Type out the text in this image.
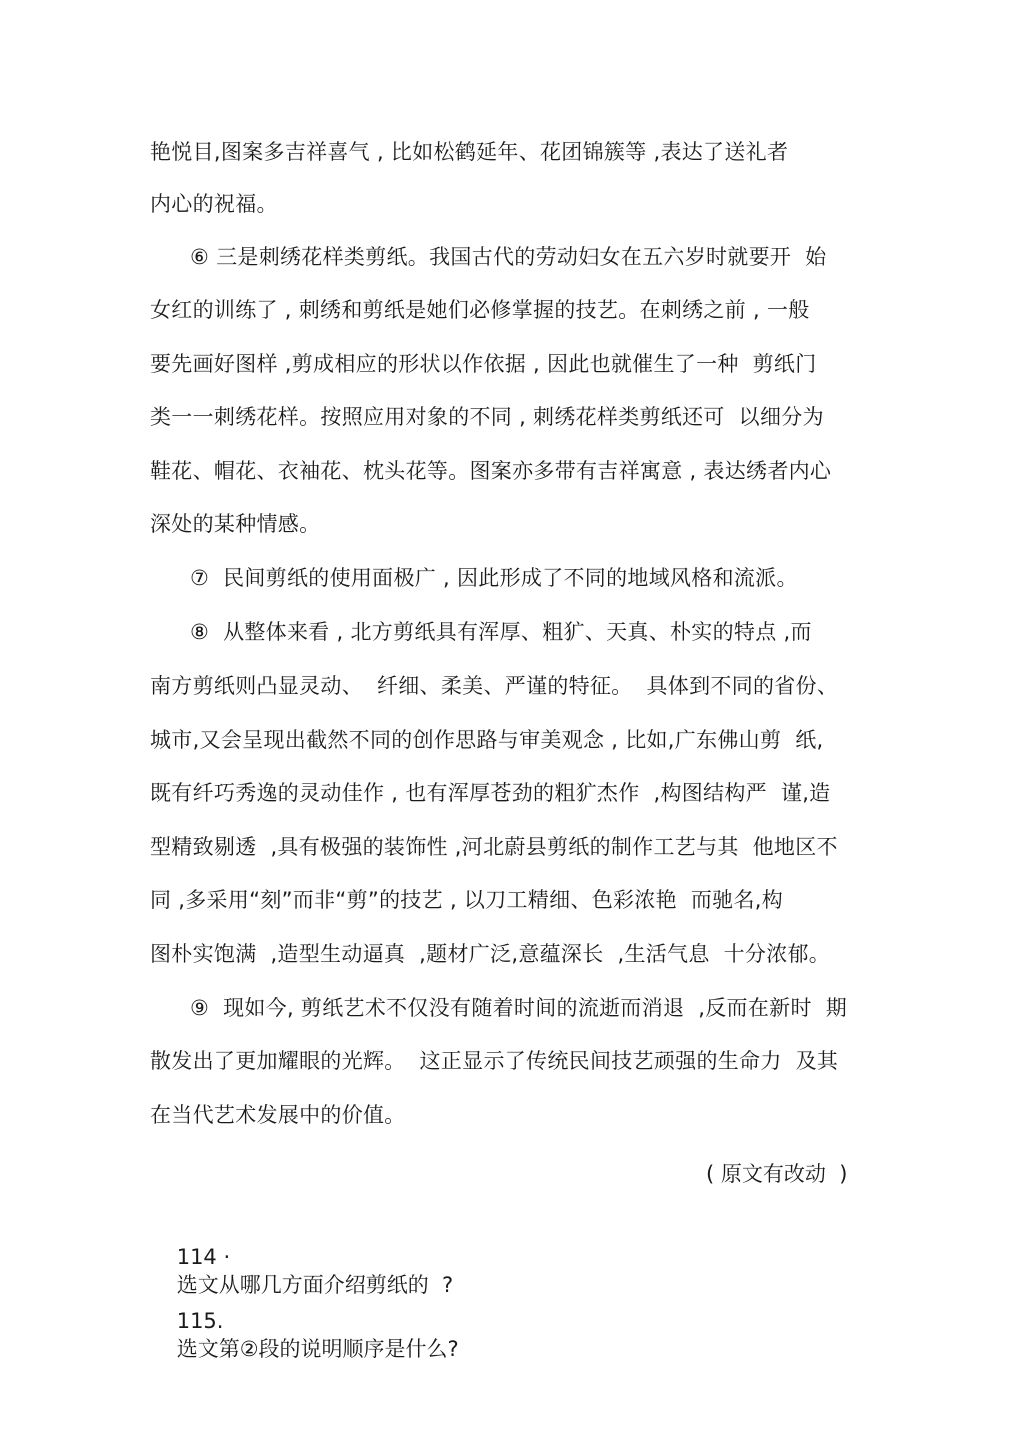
艳悦目,图案多吉祥喜气 , 比如松鹤延年、花团锦簇等 ,表达了送礼者
内心的祝福。
⑥ 三是刺绣花样类剪纸。我国古代的劳动妇女在五六岁时就要开  始
女红的训练了 , 刺绣和剪纸是她们必修掌握的技艺。在刺绣之前 , 一般
要先画好图样 ,剪成相应的形状以作依据 , 因此也就催生了一种  剪纸门
类一一刺绣花样。按照应用对象的不同 , 刺绣花样类剪纸还可  以细分为
鞋花、帽花、衣袖花、枕头花等。图案亦多带有吉祥寓意 , 表达绣者内心
深处的某种情感。
⑦  民间剪纸的使用面极广 , 因此形成了不同的地域风格和流派。
⑧  从整体来看 , 北方剪纸具有浑厚、粗犷、天真、朴实的特点 ,而
南方剪纸则凸显灵动、  纤细、柔美、严谨的特征。  具体到不同的省份、
城市,又会呈现出截然不同的创作思路与审美观念 , 比如,广东佛山剪  纸,
既有纤巧秀逸的灵动佳作 , 也有浑厚苍劲的粗犷杰作  ,构图结构严  谨,造
型精致剔透  ,具有极强的装饰性 ,河北蔚县剪纸的制作工艺与其  他地区不
同 ,多采用“刻”而非“剪”的技艺 , 以刀工精细、色彩浓艳  而驰名,构
图朴实饱满  ,造型生动逼真  ,题材广泛,意蕴深长  ,生活气息  十分浓郁。
⑨  现如今, 剪纸艺术不仅没有随着时间的流逝而消退  ,反而在新时  期
散发出了更加耀眼的光辉。  这正显示了传统民间技艺顽强的生命力  及其
在当代艺术发展中的价值。
( 原文有改动  )

114 ·
选文从哪几方面介绍剪纸的  ?

115.
选文第②段的说明顺序是什么?
